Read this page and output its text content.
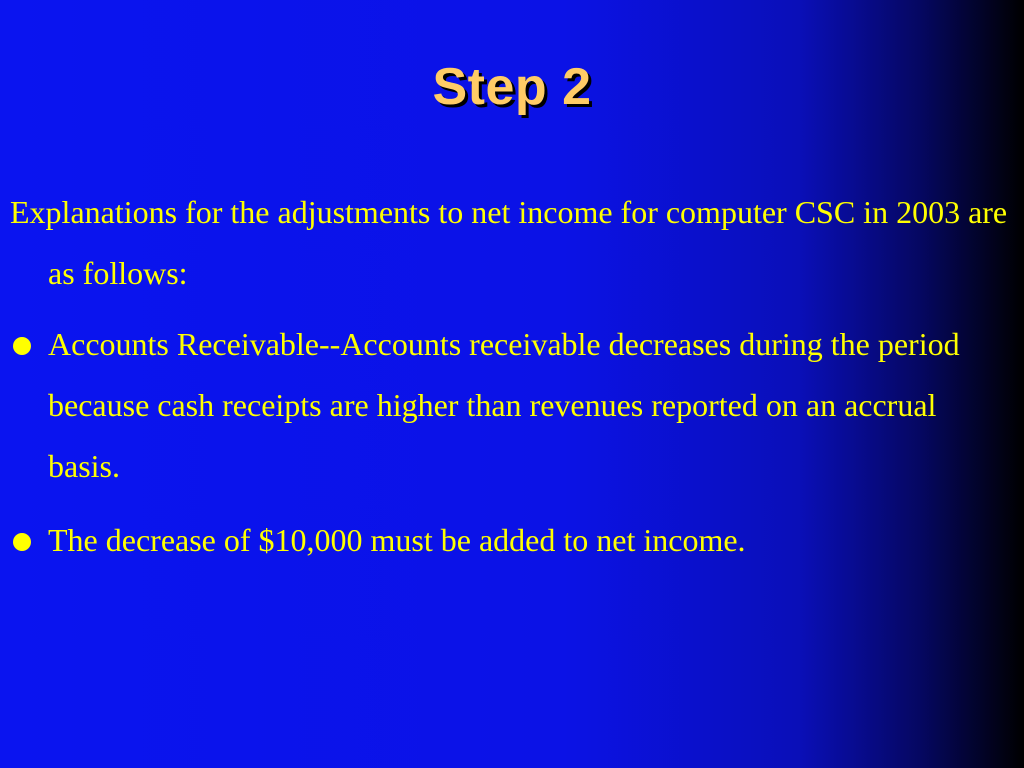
Step 2
Explanations for the adjustments to net income for computer CSC in 2003 are as follows:
Accounts Receivable--Accounts receivable decreases during the period because cash receipts are higher than revenues reported on an accrual basis.
The decrease of $10,000 must be added to net income.
